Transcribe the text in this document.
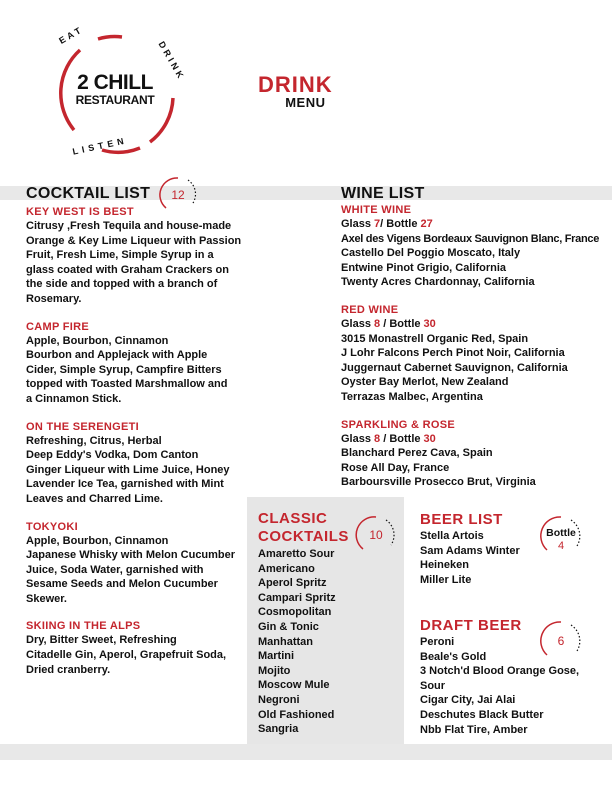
EAT
DRINK
LISTEN
2 CHILL
RESTAURANT
DRINK
MENU
COCKTAIL LIST	12
KEY WEST IS BEST
Citrusy ,Fresh Tequila and house-made
Orange & Key Lime Liqueur with Passion
Fruit, Fresh Lime, Simple Syrup in a
glass coated with Graham Crackers on
the side and topped with a branch of
Rosemary.
CAMP FIRE
Apple, Bourbon, Cinnamon
Bourbon and Applejack with Apple
Cider, Simple Syrup, Campfire Bitters
topped with Toasted Marshmallow and
a Cinnamon Stick.
ON THE SERENGETI
Refreshing, Citrus, Herbal
Deep Eddy's Vodka, Dom Canton
Ginger Liqueur with Lime Juice, Honey
Lavender Ice Tea, garnished with Mint
Leaves and Charred Lime.
TOKYOKI
Apple, Bourbon, Cinnamon
Japanese Whisky with Melon Cucumber
Juice, Soda Water, garnished with
Sesame Seeds and Melon Cucumber
Skewer.
SKIING IN THE ALPS
Dry, Bitter Sweet, Refreshing
Citadelle Gin, Aperol, Grapefruit Soda,
Dried cranberry.
WINE LIST
WHITE WINE
Glass 7/ Bottle 27
Axel des Vigens Bordeaux Sauvignon Blanc, France
Castello Del Poggio Moscato, Italy
Entwine Pinot Grigio, California
Twenty Acres Chardonnay, California
RED WINE
Glass 8 / Bottle 30
3015 Monastrell Organic Red, Spain
J Lohr Falcons Perch Pinot Noir, California
Juggernaut Cabernet Sauvignon, California
Oyster Bay Merlot, New Zealand
Terrazas Malbec, Argentina
SPARKLING & ROSE
Glass 8 / Bottle 30
Blanchard Perez Cava, Spain
Rose All Day, France
Barboursville Prosecco Brut, Virginia
CLASSIC
COCKTAILS
Amaretto Sour
Americano
Aperol Spritz
Campari Spritz
Cosmopolitan
Gin & Tonic
Manhattan
Martini
Mojito
Moscow Mule
Negroni
Old Fashioned
Sangria
10
BEER LIST
Stella Artois
Sam Adams Winter
Heineken
Miller Lite
Bottle
4
DRAFT BEER
Peroni
Beale's Gold
3 Notch'd Blood Orange Gose,
Sour
Cigar City, Jai Alai
Deschutes Black Butter
Nbb Flat Tire, Amber
6
